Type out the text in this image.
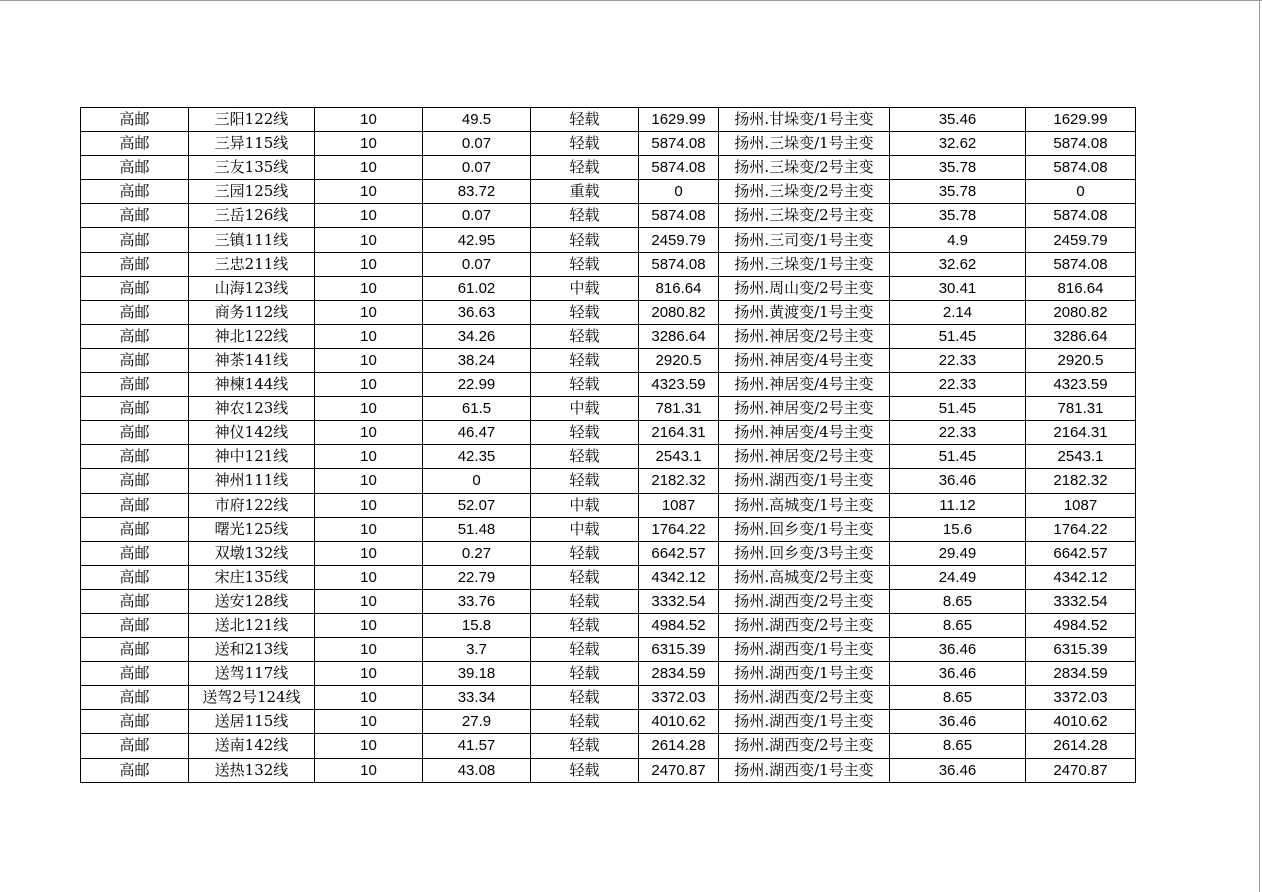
高邮	三阳122线	10	49.5	轻载	1629.99	扬州.甘垛变/1号主变	35.46	1629.99
高邮	三异115线	10	0.07	轻载	5874.08	扬州.三垛变/1号主变	32.62	5874.08
高邮	三友135线	10	0.07	轻载	5874.08	扬州.三垛变/2号主变	35.78	5874.08
高邮	三园125线	10	83.72	重载	0	扬州.三垛变/2号主变	35.78	0
高邮	三岳126线	10	0.07	轻载	5874.08	扬州.三垛变/2号主变	35.78	5874.08
高邮	三镇111线	10	42.95	轻载	2459.79	扬州.三司变/1号主变	4.9	2459.79
高邮	三忠211线	10	0.07	轻载	5874.08	扬州.三垛变/1号主变	32.62	5874.08
高邮	山海123线	10	61.02	中载	816.64	扬州.周山变/2号主变	30.41	816.64
高邮	商务112线	10	36.63	轻载	2080.82	扬州.黄渡变/1号主变	2.14	2080.82
高邮	神北122线	10	34.26	轻载	3286.64	扬州.神居变/2号主变	51.45	3286.64
高邮	神茶141线	10	38.24	轻载	2920.5	扬州.神居变/4号主变	22.33	2920.5
高邮	神楝144线	10	22.99	轻载	4323.59	扬州.神居变/4号主变	22.33	4323.59
高邮	神农123线	10	61.5	中载	781.31	扬州.神居变/2号主变	51.45	781.31
高邮	神仪142线	10	46.47	轻载	2164.31	扬州.神居变/4号主变	22.33	2164.31
高邮	神中121线	10	42.35	轻载	2543.1	扬州.神居变/2号主变	51.45	2543.1
高邮	神州111线	10	0	轻载	2182.32	扬州.湖西变/1号主变	36.46	2182.32
高邮	市府122线	10	52.07	中载	1087	扬州.高城变/1号主变	11.12	1087
高邮	曙光125线	10	51.48	中载	1764.22	扬州.回乡变/1号主变	15.6	1764.22
高邮	双墩132线	10	0.27	轻载	6642.57	扬州.回乡变/3号主变	29.49	6642.57
高邮	宋庄135线	10	22.79	轻载	4342.12	扬州.高城变/2号主变	24.49	4342.12
高邮	送安128线	10	33.76	轻载	3332.54	扬州.湖西变/2号主变	8.65	3332.54
高邮	送北121线	10	15.8	轻载	4984.52	扬州.湖西变/2号主变	8.65	4984.52
高邮	送和213线	10	3.7	轻载	6315.39	扬州.湖西变/1号主变	36.46	6315.39
高邮	送驾117线	10	39.18	轻载	2834.59	扬州.湖西变/1号主变	36.46	2834.59
高邮	送驾2号124线	10	33.34	轻载	3372.03	扬州.湖西变/2号主变	8.65	3372.03
高邮	送居115线	10	27.9	轻载	4010.62	扬州.湖西变/1号主变	36.46	4010.62
高邮	送南142线	10	41.57	轻载	2614.28	扬州.湖西变/2号主变	8.65	2614.28
高邮	送热132线	10	43.08	轻载	2470.87	扬州.湖西变/1号主变	36.46	2470.87
